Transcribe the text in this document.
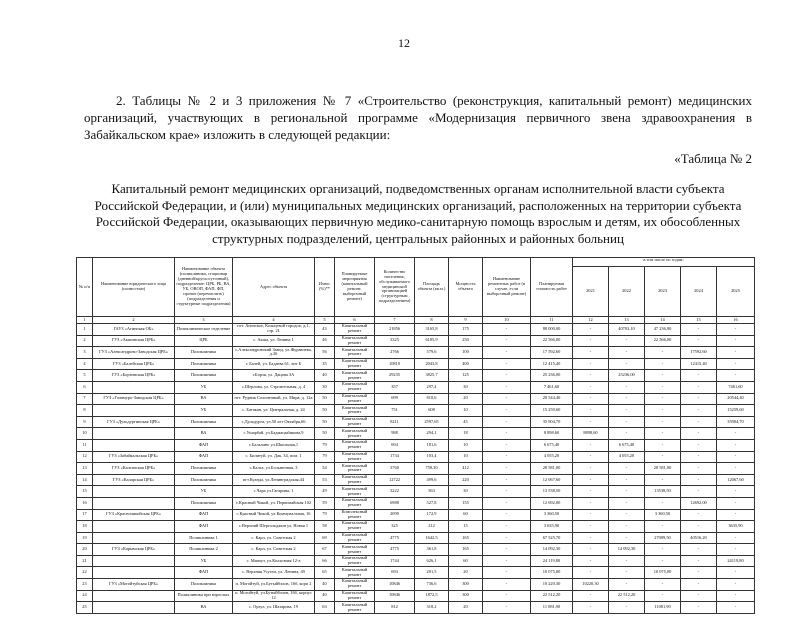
12
2. Таблицы № 2 и 3 приложения № 7 «Строительство (реконструкция, капитальный ремонт) медицинских организаций, участвующих в региональной программе «Модернизация первичного звена здравоохранения в Забайкальском крае» изложить в следующей редакции:
«Таблица № 2
Капитальный ремонт медицинских организаций, подведомственных органам исполнительной власти субъекта Российской Федерации, и (или) муниципальных медицинских организаций, расположенных на территории субъекта Российской Федерации, оказывающих первичную медико-санитарную помощь взрослым и детям, их обособленных структурных подразделений, центральных районных и районных больниц
№ п/п	Наименование юридического лица (полностью)	Наименование объекта (поликлиника, стационар (дневной/круглосуточный), подразделение: ЦРБ, РБ, ВА, УБ, ОВОП, ФАП, ФП, прочие (перечислить) (подразделения и структурные подразделения)	Адрес объекта	Износ (%)**	Планируемые мероприятия (капитальный ремонт, выборочный ремонт)	Количество населения, обслуживаемого медицинской организацией (структурным подразделением)	Площадь объекта (кв.м.)	Мощность объекта	Наименование ремонтных работ (в случае, если выборочный ремонт)	Планируемая стоимость работ	в том числе по годам:				
											2021	2022	2023	2024	2025
1	2	3	4	5	6	7	8	9	10	11	12	13	14	15	16
1	ГАУЗ «Агинская ОБ»	Поликлиническое отделение	пгт. Агинское, Кольцевой городок, д.1, стр. 21	43	Капитальный ремонт	21856	3165,8	175	-	88 000,00	-	40703,10	47 236,90	-	-
2	ГУЗ «Акшинская ЦРБ»	ЦРБ	с. Акша, ул. Ленина 1	46	Капитальный ремонт	3325	6185,9	250	-	22 566,00	-	-	22 566,00	-	-
3	ГУЗ «Александрово-Заводская ЦРБ»	Поликлиника	с.Александровский Завод, ул.Журавлева, д.26	56	Капитальный ремонт	2766	579,6	100	-	17 592,60	-	-	-	17592,60	-
4	ГУЗ «Балейская ЦРБ»	Поликлиника	г. Балей, ул. Бадаева 61, лит Б	35	Капитальный ремонт	10810	2043,8	400	-	12 415,40	-	-	-	12415,40	-
5	ГУЗ «Борзинская ЦРБ»	Поликлиника	г.Борзя, ул. Дацана 3А	40	Капитальный ремонт	29235	3825,7	125	-	25 236,00	-	25236,00	-	-	-
6		УБ	с.Шерлова, ул. Строительная, д. 4	30	Капитальный ремонт	357	297,4	30	-	7 461,60	-	-	-	-	7461,60
7	ГУЗ «Газимуро-Заводская ЦРБ»	ВА	пгт. Рудник Солонечный, ул. Мира, д. 12а	50	Капитальный ремонт	699	810,6	20	-	20 544,40	-	-	-	-	20544,40
8		УБ	с. Батакан, ул. Центральная, д. 24	50	Капитальный ремонт	751	608	10	-	15 259,60	-	-	-	-	15259,60
9	ГУЗ «Дульдургинская ЦРБ»	Поликлиника	с.Дульдурга, ул.50 лет Октября,66	50	Капитальный ремонт	8211	2597,65	45	-	35 904,70	-	-	-	-	35904,70
10		ВА	с.Ушарбай, ул.Бадмацыбикова,9	50	Капитальный ремонт	988	294,1	18	-	8 898,60	8898,60	-	-	-	-
11		ФАП	с.Бальзино ул.Школьная,1	79	Капитальный ремонт	694	181,6	10	-	6 675,40	-	6 675,40	-	-	-
12	ГУЗ «Забайкальская ЦРБ»	ФАП	с. Билитуй, ул. Дак, 34, пом. 1	79	Капитальный ремонт	1734	103,4	10	-	4 055,20	-	4 055,20	-	-	-
13	ГУЗ «Калганская ЦРБ»	Поликлиника	с.Калга, ул.Больничная, 3	54	Капитальный ремонт	3760	758,30	412	-	28 581,00	-	-	28 581,00	-	-
14	ГУЗ «Каларская ЦРБ»	Поликлиника	пгт.Куанда, ул.Ленинградская,44	53	Капитальный ремонт	12722	499,6	220	-	12 067,60	-	-	-	-	12067,60
15		УБ	с.Чара ул.Гагарина, 1	49	Капитальный ремонт	3222	563	30	-	13 538,50	-	-	13538,50	-	-
16		Поликлиника	с.Красный Чикой, ул. Первомайская 102	59	Капитальный ремонт	6988	527,8	155	-	12 692,00	-	-	-	12692,00	-
17	ГУЗ «Красночикойская ЦРБ»	ФАП	с.Красный Чикой, ул.Коммунальная, 16	79	Комплексный ремонт	2099	172,9	60	-	3 360,50	-	-	3 360,50	-	-
18		ФАП	с.Верхний Шергольджин ул. Новая 1	58	Капитальный ремонт	325	212	15	-	3 635,90	-	-	-	-	3635,90
19		Поликлиника 1	с. Карл, ул. Советская 2	69	Капитальный ремонт	4775	1642,5	165	-	67 525,70	-	-	27009,50	40516,20	-
20	ГУЗ «Карымская ЦРБ»	Поликлиника 2	с. Карл, ул. Советская 2	67	Капитальный ремонт	4775	361,8	165	-	14 092,30	-	14 092,30	-	-	-
21		УБ	с. Маноут, ул.Колхозная 12-а	66	Капитальный ремонт	1744	626,1	60	-	24 119,80	-	-	-	-	24119,80
22		ФАП	с. Верхняя Усугли, ул. Ленина, 49	65	Капитальный ремонт	693	201,5	20	-	10 075,00	-	-	10 075,00	-	-
23	ГУЗ «Могойтуйская ЦРБ»	Поликлиника	п. Могойтуй, ул.Бутыйбэлов, 16б, корп 2	40	Капитальный ремонт	10846	736,6	300	-	10 220,30	10220,30	-	-	-	-
24		Поликлиника при взрослых	п. Могойтуй, ул.Бутыйбэлов, 16б, корпус 12	40	Капитальный ремонт	10846	1872,5	300	-	22 512,20	-	22 512,20	-	-	-
25		ВА	с. Орзул, ул. Шазарова, 19	63	Капитальный ремонт	812	318,2	20	-	11 081,90	-	-	11081,90	-	-
